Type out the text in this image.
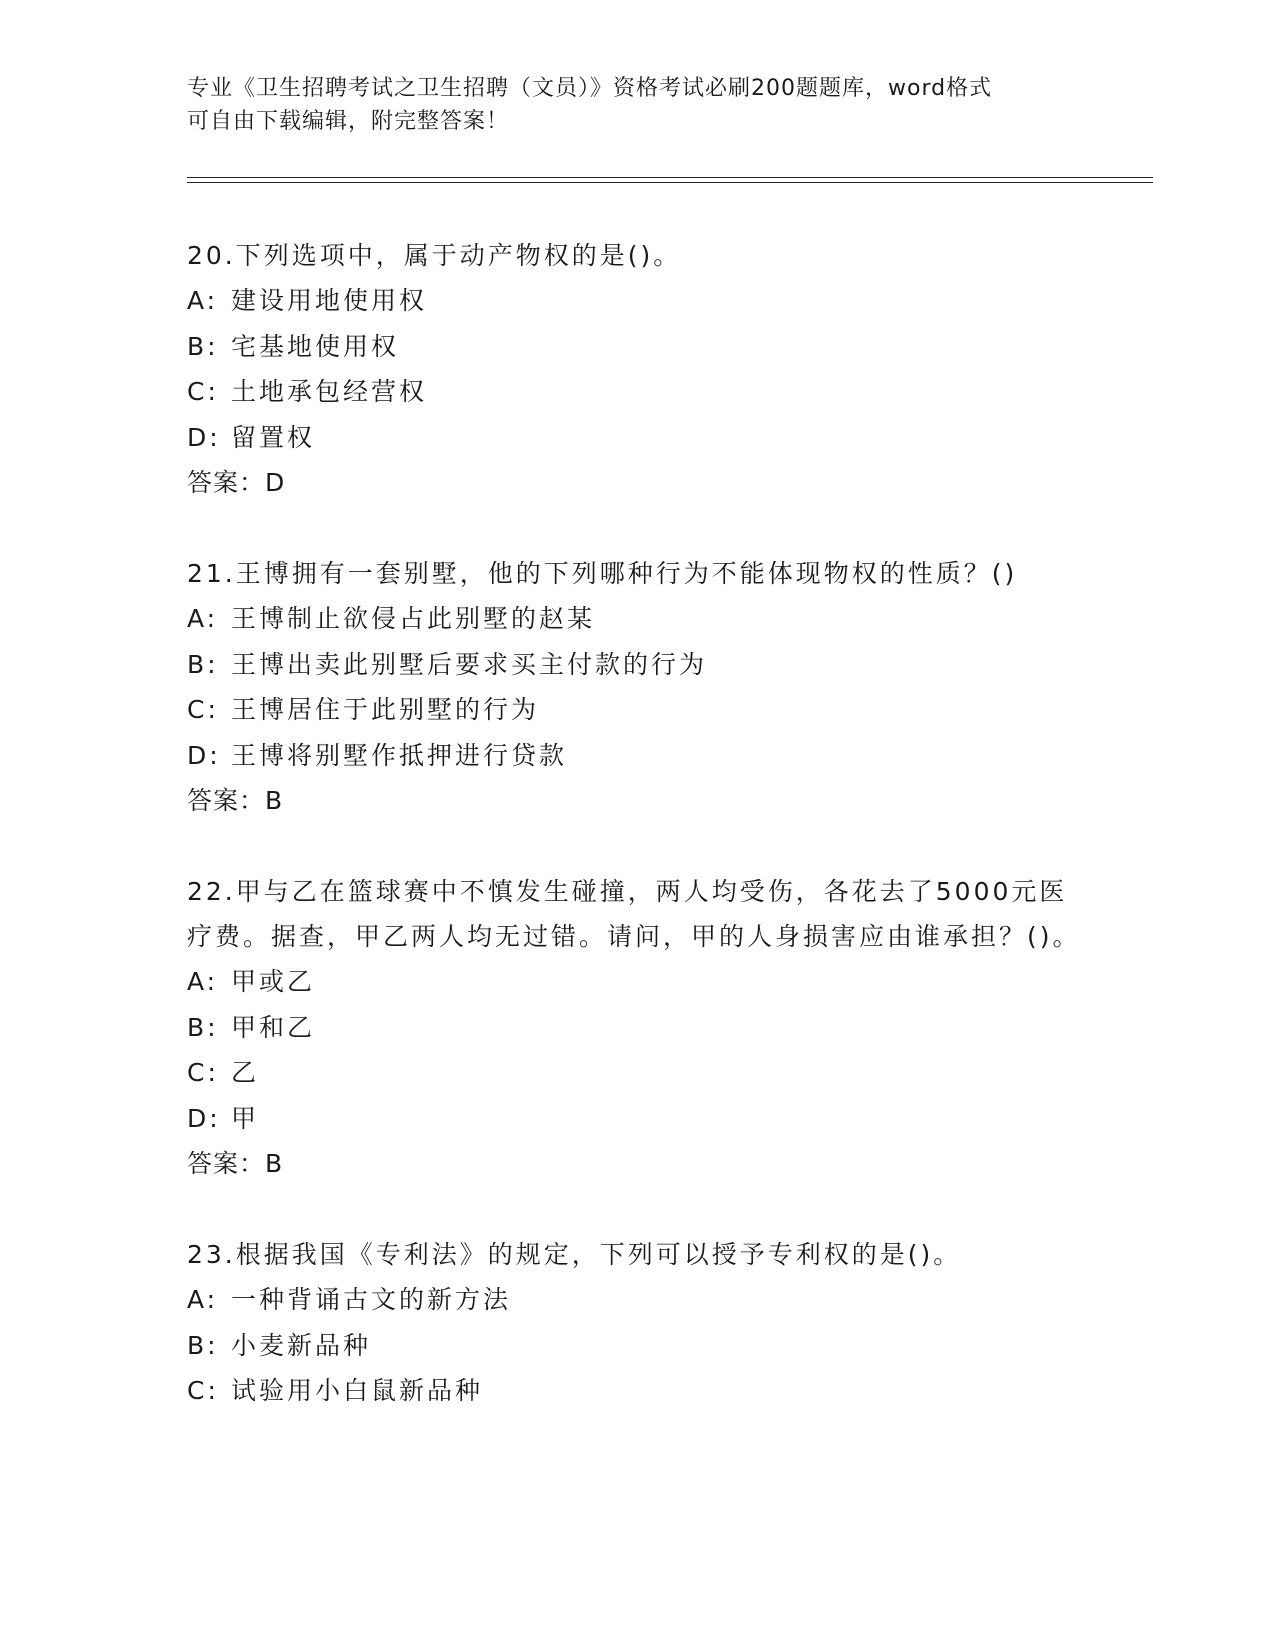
专业《卫生招聘考试之卫生招聘（文员）》资格考试必刷200题题库，word格式
可自由下载编辑，附完整答案！

20.下列选项中，属于动产物权的是()。

A: 建设用地使用权

B: 宅基地使用权

C: 土地承包经营权

D: 留置权

答案：D

21.王博拥有一套别墅，他的下列哪种行为不能体现物权的性质？()

A: 王博制止欲侵占此别墅的赵某

B: 王博出卖此别墅后要求买主付款的行为

C: 王博居住于此别墅的行为

D: 王博将别墅作抵押进行贷款

答案：B

22.甲与乙在篮球赛中不慎发生碰撞，两人均受伤，各花去了5000元医疗费。据查，甲乙两人均无过错。请问，甲的人身损害应由谁承担？()。

A: 甲或乙

B: 甲和乙

C: 乙

D: 甲

答案：B

23.根据我国《专利法》的规定，下列可以授予专利权的是()。

A: 一种背诵古文的新方法

B: 小麦新品种

C: 试验用小白鼠新品种
